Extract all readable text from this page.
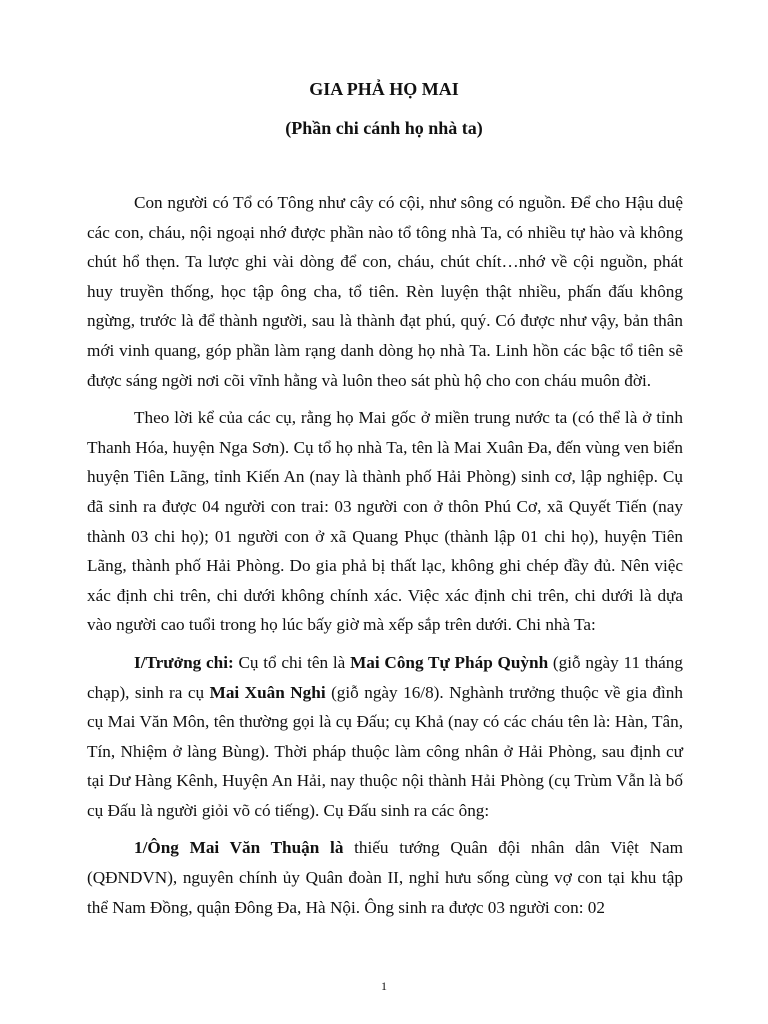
GIA PHẢ HỌ MAI
(Phần chi cánh họ nhà ta)

Con người có Tổ có Tông như cây có cội, như sông có nguồn. Để cho Hậu duệ các con, cháu, nội ngoại nhớ được phần nào tổ tông nhà Ta, có nhiều tự hào và không chút hổ thẹn. Ta lược ghi vài dòng để con, cháu, chút chít…nhớ về cội nguồn, phát huy truyền thống, học tập ông cha, tổ tiên. Rèn luyện thật nhiều, phấn đấu không ngừng, trước là để thành người, sau là thành đạt phú, quý. Có được như vậy, bản thân mới vinh quang, góp phần làm rạng danh dòng họ nhà Ta. Linh hồn các bậc tổ tiên sẽ được sáng ngời nơi cõi vĩnh hằng và luôn theo sát phù hộ cho con cháu muôn đời.

Theo lời kể của các cụ, rằng họ Mai gốc ở miền trung nước ta (có thể là ở tỉnh Thanh Hóa, huyện Nga Sơn). Cụ tổ họ nhà Ta, tên là Mai Xuân Đa, đến vùng ven biển huyện Tiên Lãng, tỉnh Kiến An (nay là thành phố Hải Phòng) sinh cơ, lập nghiệp. Cụ đã sinh ra được 04 người con trai: 03 người con ở thôn Phú Cơ, xã Quyết Tiến (nay thành 03 chi họ); 01 người con ở xã Quang Phục (thành lập 01 chi họ), huyện Tiên Lãng, thành phố Hải Phòng. Do gia phả bị thất lạc, không ghi chép đầy đủ. Nên việc xác định chi trên, chi dưới không chính xác. Việc xác định chi trên, chi dưới là dựa vào người cao tuổi trong họ lúc bấy giờ mà xếp sắp trên dưới. Chi nhà Ta:

I/Trưởng chi: Cụ tổ chi tên là Mai Công Tự Pháp Quỳnh (giỗ ngày 11 tháng chạp), sinh ra cụ Mai Xuân Nghi (giỗ ngày 16/8). Nghành trưởng thuộc về gia đình cụ Mai Văn Môn, tên thường gọi là cụ Đấu; cụ Khả (nay có các cháu tên là: Hàn, Tân, Tín, Nhiệm ở làng Bùng). Thời pháp thuộc làm công nhân ở Hải Phòng, sau định cư tại Dư Hàng Kênh, Huyện An Hải, nay thuộc nội thành Hải Phòng (cụ Trùm Vẫn là bố cụ Đấu là người giỏi võ có tiếng). Cụ Đấu sinh ra các ông:

1/Ông Mai Văn Thuận là thiếu tướng Quân đội nhân dân Việt Nam (QĐNDVN), nguyên chính ủy Quân đoàn II, nghỉ hưu sống cùng vợ con tại khu tập thể Nam Đồng, quận Đông Đa, Hà Nội. Ông sinh ra được 03 người con: 02

1
